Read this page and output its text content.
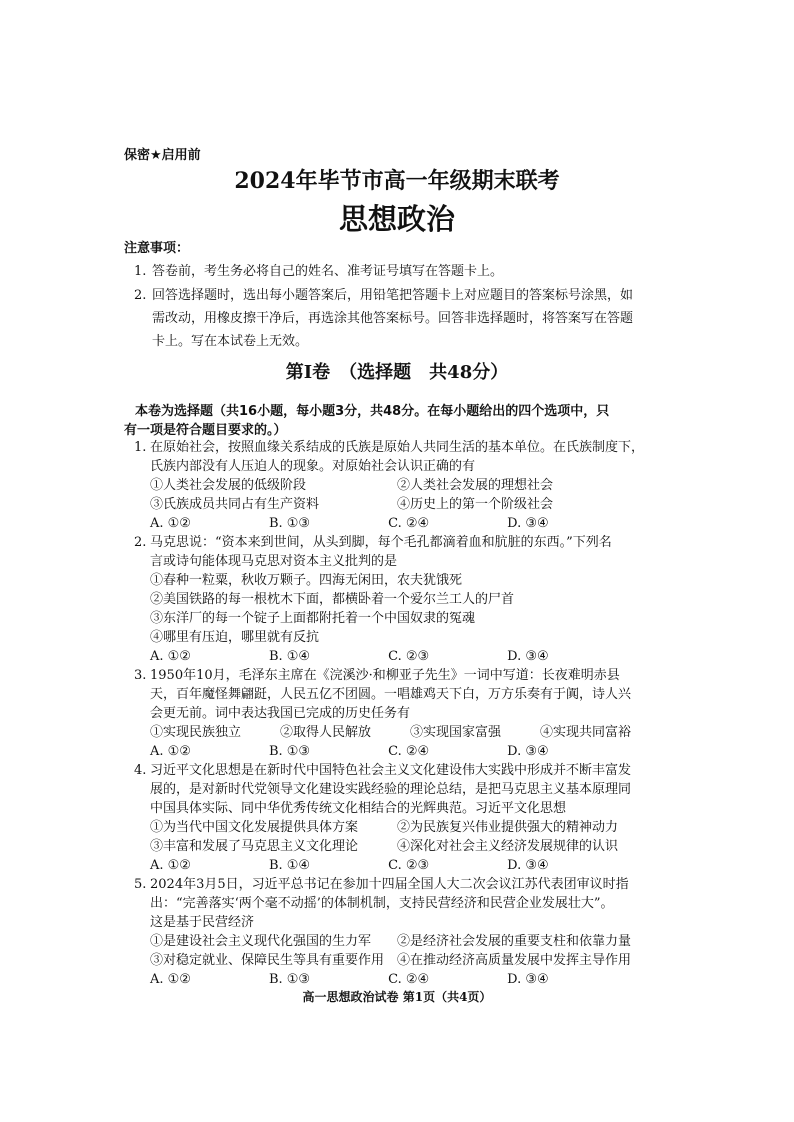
保密★启用前
2024年毕节市高一年级期末联考
思想政治
注意事项：
1. 答卷前，考生务必将自己的姓名、准考证号填写在答题卡上。
2. 回答选择题时，选出每小题答案后，用铅笔把答题卡上对应题目的答案标号涂黑，如
需改动，用橡皮擦干净后，再选涂其他答案标号。回答非选择题时，将答案写在答题
卡上。写在本试卷上无效。
第Ⅰ卷　（选择题　共48分）
本卷为选择题（共16小题，每小题3分，共48分。在每小题给出的四个选项中，只
有一项是符合题目要求的。）
1. 在原始社会，按照血缘关系结成的氏族是原始人共同生活的基本单位。在氏族制度下，
氏族内部没有人压迫人的现象。对原始社会认识正确的有
①人类社会发展的低级阶段　　　　　　　②人类社会发展的理想社会
③氏族成员共同占有生产资料　　　　　　④历史上的第一个阶级社会
A. ①②　　　　　　B. ①③　　　　　　C. ②④　　　　　　D. ③④
2. 马克思说：“资本来到世间，从头到脚，每个毛孔都滴着血和肮脏的东西。”下列名
言或诗句能体现马克思对资本主义批判的是
①春种一粒粟，秋收万颗子。四海无闲田，农夫犹饿死
②美国铁路的每一根枕木下面，都横卧着一个爱尔兰工人的尸首
③东洋厂的每一个锭子上面都附托着一个中国奴隶的冤魂
④哪里有压迫，哪里就有反抗
A. ①②　　　　　　B. ①④　　　　　　C. ②③　　　　　　D. ③④
3. 1950年10月，毛泽东主席在《浣溪沙·和柳亚子先生》一词中写道：长夜难明赤县
天，百年魔怪舞翩跹，人民五亿不团圆。一唱雄鸡天下白，万方乐奏有于阗，诗人兴
会更无前。词中表达我国已完成的历史任务有
①实现民族独立　　　②取得人民解放　　　③实现国家富强　　　④实现共同富裕
A. ①②　　　　　　B. ①③　　　　　　C. ②④　　　　　　D. ③④
4. 习近平文化思想是在新时代中国特色社会主义文化建设伟大实践中形成并不断丰富发
展的，是对新时代党领导文化建设实践经验的理论总结，是把马克思主义基本原理同
中国具体实际、同中华优秀传统文化相结合的光辉典范。习近平文化思想
①为当代中国文化发展提供具体方案　　　②为民族复兴伟业提供强大的精神动力
③丰富和发展了马克思主义文化理论　　　④深化对社会主义经济发展规律的认识
A. ①②　　　　　　B. ①④　　　　　　C. ②③　　　　　　D. ③④
5. 2024年3月5日，习近平总书记在参加十四届全国人大二次会议江苏代表团审议时指
出：“完善落实‘两个毫不动摇’的体制机制，支持民营经济和民营企业发展壮大”。
这是基于民营经济
①是建设社会主义现代化强国的生力军　　②是经济社会发展的重要支柱和依靠力量
③对稳定就业、保障民生等具有重要作用　④在推动经济高质量发展中发挥主导作用
A. ①②　　　　　　B. ①③　　　　　　C. ②④　　　　　　D. ③④
高一思想政治试卷 第1页（共4页）
